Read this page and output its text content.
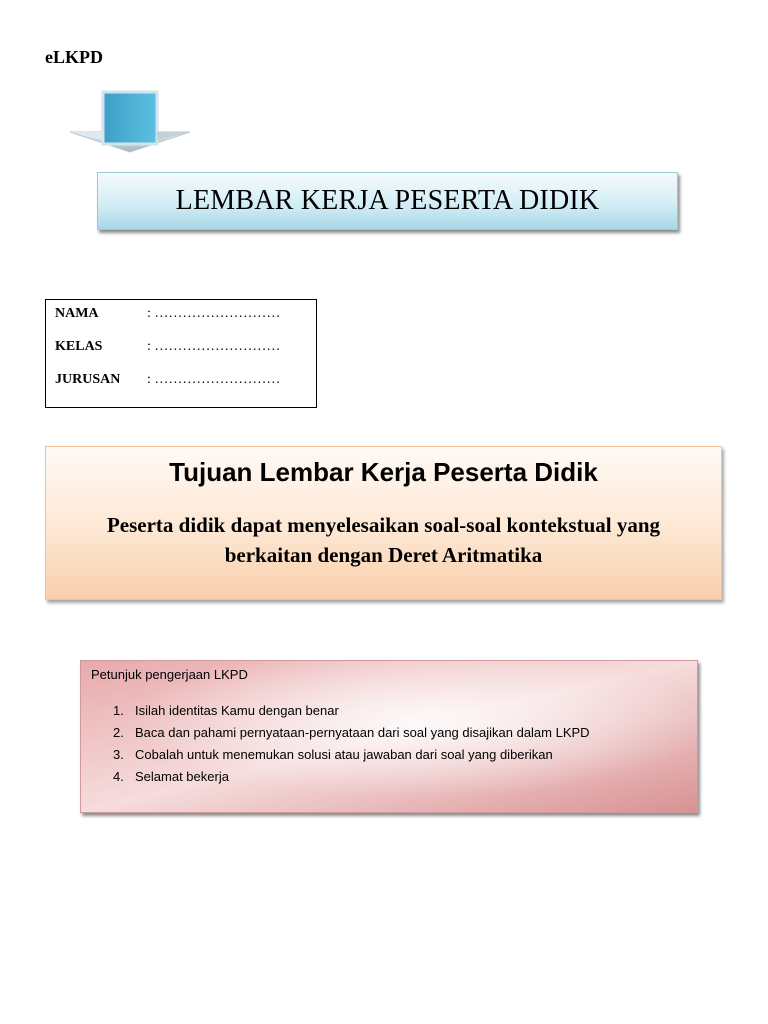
eLKPD
LEMBAR KERJA PESERTA DIDIK
NAMA	: ………………………
KELAS	: ………………………
JURUSAN	: ………………………
Tujuan Lembar Kerja Peserta Didik
Peserta didik dapat menyelesaikan soal-soal kontekstual yang berkaitan dengan Deret Aritmatika
Petunjuk pengerjaan LKPD
1. Isilah identitas Kamu dengan benar
2. Baca dan pahami pernyataan-pernyataan dari soal yang disajikan dalam LKPD
3. Cobalah untuk menemukan solusi atau jawaban dari soal yang diberikan
4. Selamat bekerja
